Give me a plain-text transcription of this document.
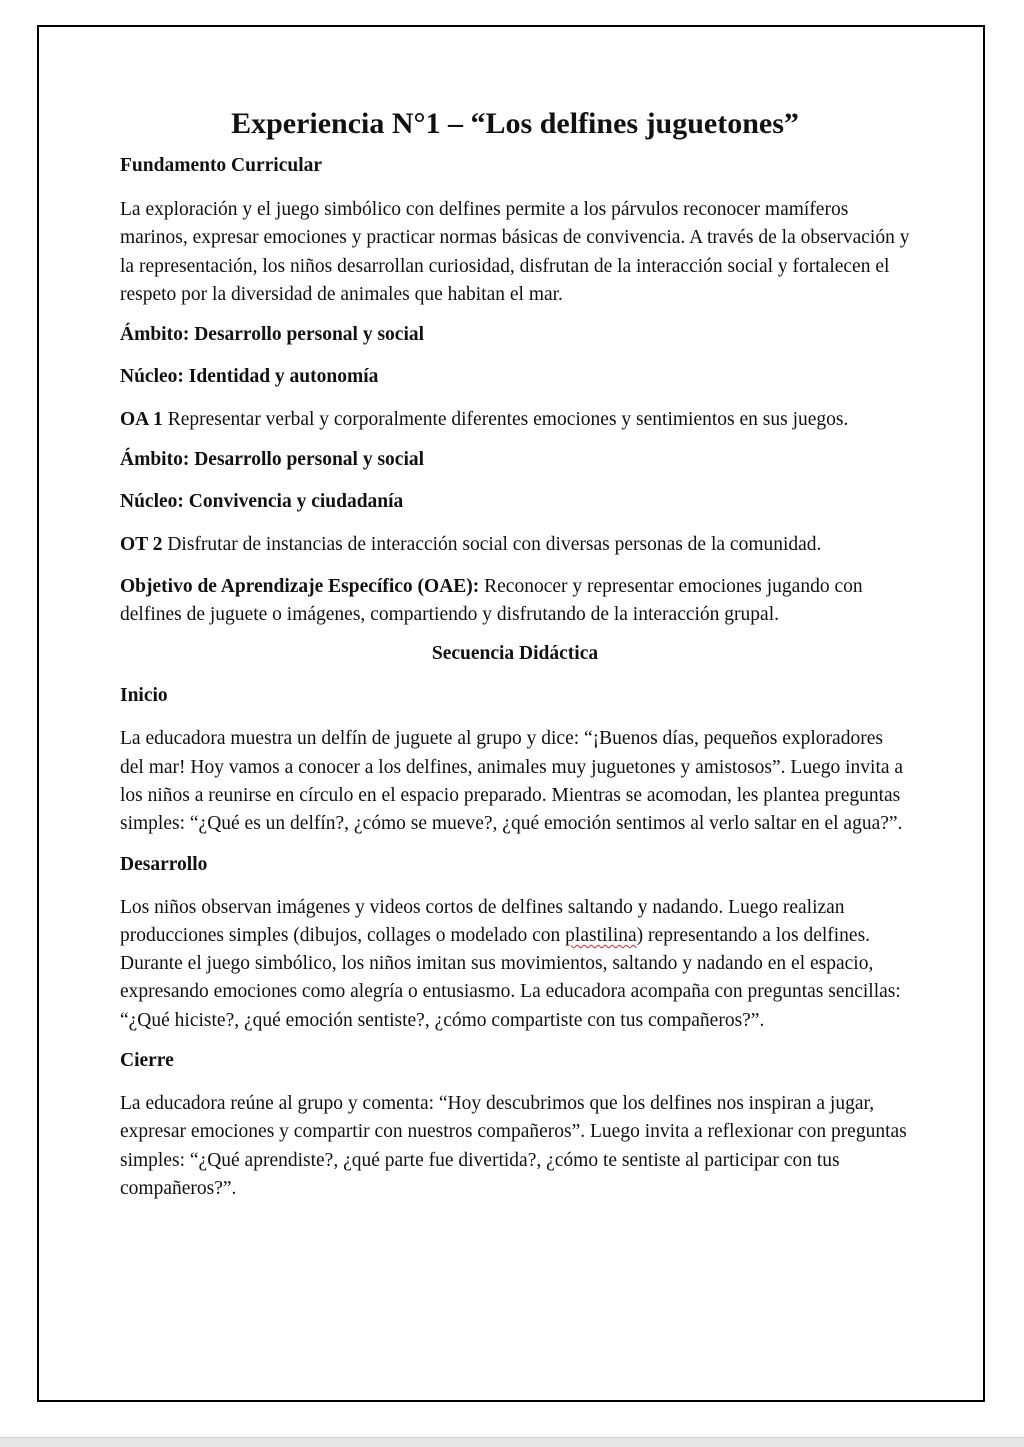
Experiencia N°1 – “Los delfines juguetones”

Fundamento Curricular

La exploración y el juego simbólico con delfines permite a los párvulos reconocer mamíferos marinos, expresar emociones y practicar normas básicas de convivencia. A través de la observación y la representación, los niños desarrollan curiosidad, disfrutan de la interacción social y fortalecen el respeto por la diversidad de animales que habitan el mar.

Ámbito: Desarrollo personal y social

Núcleo: Identidad y autonomía

OA 1 Representar verbal y corporalmente diferentes emociones y sentimientos en sus juegos.

Ámbito: Desarrollo personal y social

Núcleo: Convivencia y ciudadanía

OT 2 Disfrutar de instancias de interacción social con diversas personas de la comunidad.

Objetivo de Aprendizaje Específico (OAE): Reconocer y representar emociones jugando con delfines de juguete o imágenes, compartiendo y disfrutando de la interacción grupal.

Secuencia Didáctica

Inicio

La educadora muestra un delfín de juguete al grupo y dice: “¡Buenos días, pequeños exploradores del mar! Hoy vamos a conocer a los delfines, animales muy juguetones y amistosos”. Luego invita a los niños a reunirse en círculo en el espacio preparado. Mientras se acomodan, les plantea preguntas simples: “¿Qué es un delfín?, ¿cómo se mueve?, ¿qué emoción sentimos al verlo saltar en el agua?”.

Desarrollo

Los niños observan imágenes y videos cortos de delfines saltando y nadando. Luego realizan producciones simples (dibujos, collages o modelado con plastilina) representando a los delfines. Durante el juego simbólico, los niños imitan sus movimientos, saltando y nadando en el espacio, expresando emociones como alegría o entusiasmo. La educadora acompaña con preguntas sencillas: “¿Qué hiciste?, ¿qué emoción sentiste?, ¿cómo compartiste con tus compañeros?”.

Cierre

La educadora reúne al grupo y comenta: “Hoy descubrimos que los delfines nos inspiran a jugar, expresar emociones y compartir con nuestros compañeros”. Luego invita a reflexionar con preguntas simples: “¿Qué aprendiste?, ¿qué parte fue divertida?, ¿cómo te sentiste al participar con tus compañeros?”.
